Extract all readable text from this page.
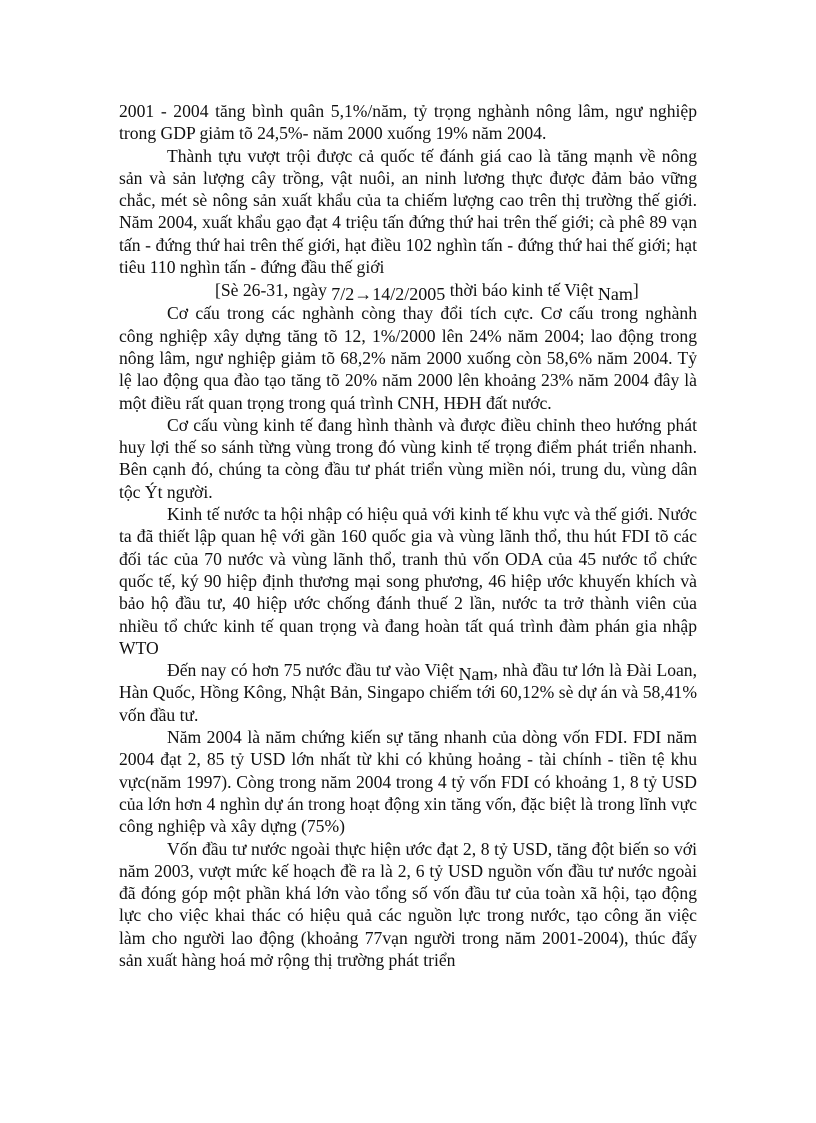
2001 - 2004 tăng bình quân 5,1%/năm, tỷ trọng nghành nông lâm, ngư nghiệp trong GDP giảm tõ 24,5%- năm 2000 xuống 19% năm 2004.

Thành tựu vượt trội được cả quốc tế đánh giá cao là tăng mạnh về nông sản và sản lượng cây trồng, vật nuôi, an ninh lương thực được đảm bảo vững chắc, mét sè nông sản xuất khẩu của ta chiếm lượng cao trên thị trường thế giới. Năm 2004, xuất khẩu gạo đạt 4 triệu tấn đứng thứ hai trên thế giới; cà phê 89 vạn tấn - đứng thứ hai trên thế giới, hạt điều 102 nghìn tấn - đứng thứ hai thế giới; hạt tiêu 110 nghìn tấn - đứng đầu thế giới

[Sè 26-31, ngày 7/2→14/2/2005 thời báo kinh tế Việt Nam]

Cơ cấu trong các nghành còng thay đổi tích cực. Cơ cấu trong nghành công nghiệp xây dựng tăng tõ 12, 1%/2000 lên 24% năm 2004; lao động trong nông lâm, ngư nghiệp giảm tõ 68,2% năm 2000 xuống còn 58,6% năm 2004. Tỷ lệ lao động qua đào tạo tăng tõ 20% năm 2000 lên khoảng 23% năm 2004 đây là một điều rất quan trọng trong quá trình CNH, HĐH đất nước.

Cơ cấu vùng kinh tế đang hình thành và được điều chỉnh theo hướng phát huy lợi thế so sánh từng vùng trong đó vùng kinh tế trọng điểm phát triển nhanh. Bên cạnh đó, chúng ta còng đầu tư phát triển vùng miền nói, trung du, vùng dân tộc Ýt người.

Kinh tế nước ta hội nhập có hiệu quả với kinh tế khu vực và thế giới. Nước ta đã thiết lập quan hệ với gần 160 quốc gia và vùng lãnh thổ, thu hút FDI tõ các đối tác của 70 nước và vùng lãnh thổ, tranh thủ vốn ODA của 45 nước tổ chức quốc tế, ký 90 hiệp định thương mại song phương, 46 hiệp ước khuyến khích và bảo hộ đầu tư, 40 hiệp ước chống đánh thuế 2 lần, nước ta trở thành viên của nhiều tổ chức kinh tế quan trọng và đang hoàn tất quá trình đàm phán gia nhập WTO

Đến nay có hơn 75 nước đầu tư vào Việt Nam, nhà đầu tư lớn là Đài Loan, Hàn Quốc, Hồng Kông, Nhật Bản, Singapo chiếm tới 60,12% sè dự án và 58,41% vốn đầu tư.

Năm 2004 là năm chứng kiến sự tăng nhanh của dòng vốn FDI. FDI năm 2004 đạt 2, 85 tỷ USD lớn nhất từ khi có khủng hoảng - tài chính - tiền tệ khu vực(năm 1997). Còng trong năm 2004 trong 4 tỷ vốn FDI có khoảng 1, 8 tỷ USD của lớn hơn 4 nghìn dự án trong hoạt động xin tăng vốn, đặc biệt là trong lĩnh vực công nghiệp và xây dựng (75%)

Vốn đầu tư nước ngoài thực hiện ước đạt 2, 8 tỷ USD, tăng đột biến so với năm 2003, vượt mức kế hoạch đề ra là 2, 6 tỷ USD nguồn vốn đầu tư nước ngoài đã đóng góp một phần khá lớn vào tổng số vốn đầu tư của toàn xã hội, tạo động lực cho việc khai thác có hiệu quả các nguồn lực trong nước, tạo công ăn việc làm cho người lao động (khoảng 77vạn người trong năm 2001-2004), thúc đẩy sản xuất hàng hoá mở rộng thị trường phát triển
